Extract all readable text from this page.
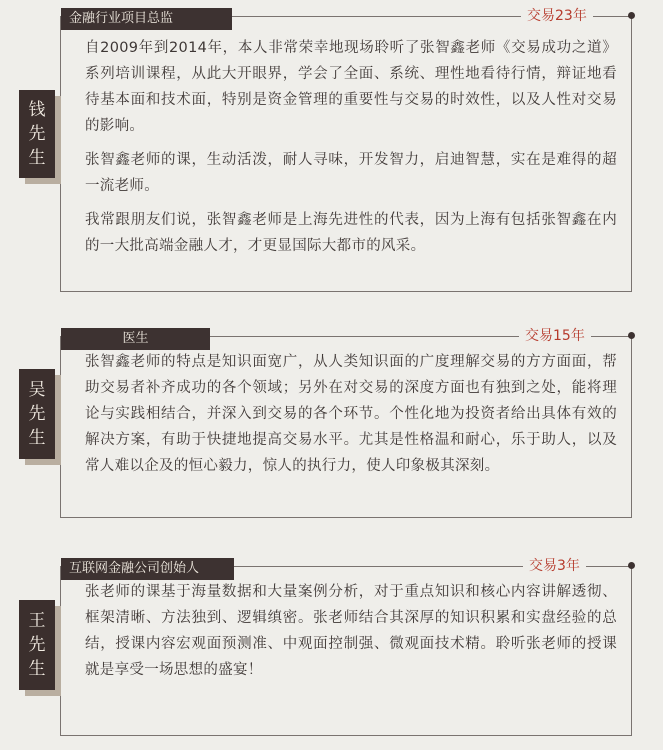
金融行业项目总监	交易23年

自2009年到2014年，本人非常荣幸地现场聆听了张智鑫老师《交易成功之道》系列培训课程，从此大开眼界，学会了全面、系统、理性地看待行情，辩证地看待基本面和技术面，特别是资金管理的重要性与交易的时效性，以及人性对交易的影响。

张智鑫老师的课，生动活泼，耐人寻味，开发智力，启迪智慧，实在是难得的超一流老师。

我常跟朋友们说，张智鑫老师是上海先进性的代表，因为上海有包括张智鑫在内的一大批高端金融人才，才更显国际大都市的风采。

钱
先
生
医生	交易15年

张智鑫老师的特点是知识面宽广，从人类知识面的广度理解交易的方方面面，帮助交易者补齐成功的各个领域；另外在对交易的深度方面也有独到之处，能将理论与实践相结合，并深入到交易的各个环节。个性化地为投资者给出具体有效的解决方案，有助于快捷地提高交易水平。尤其是性格温和耐心，乐于助人，以及常人难以企及的恒心毅力，惊人的执行力，使人印象极其深刻。

吴
先
生
互联网金融公司创始人	交易3年

张老师的课基于海量数据和大量案例分析，对于重点知识和核心内容讲解透彻、框架清晰、方法独到、逻辑缜密。张老师结合其深厚的知识积累和实盘经验的总结，授课内容宏观面预测准、中观面控制强、微观面技术精。聆听张老师的授课就是享受一场思想的盛宴！

王
先
生
